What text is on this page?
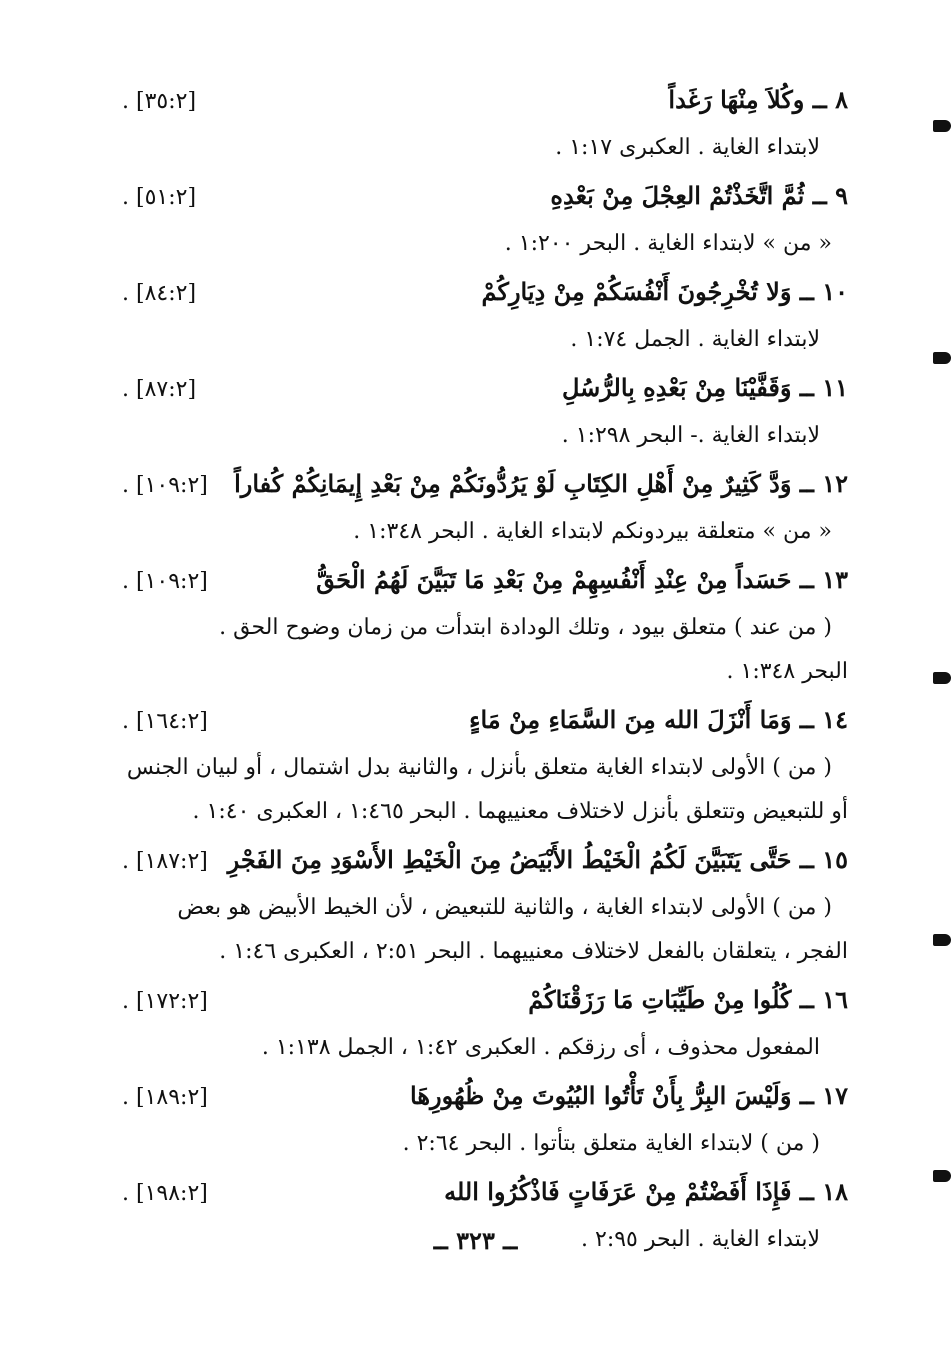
٨ ــ وكُلاَ مِنْهَا رَغَداً
. [٣٥:٢]
لابتداء الغاية . العكبرى ١:١٧ .
٩ ــ ثُمَّ اتَّخَذْتُمْ العِجْلَ مِنْ بَعْدِهِ
. [٥١:٢]
« من » لابتداء الغاية . البحر ١:٢٠٠ .
١٠ ــ وَلا تُخْرِجُونَ أَنْفُسَكُمْ مِنْ دِيَارِكُمْ
. [٨٤:٢]
لابتداء الغاية . الجمل ١:٧٤ .
١١ ــ وَقَفَّيْنَا مِنْ بَعْدِهِ بِالرُّسُلِ
. [٨٧:٢]
لابتداء الغاية .- البحر ١:٢٩٨ .
١٢ ــ وَدَّ كَثِيرٌ مِنْ أَهْلِ الكِتَابِ لَوْ يَرُدُّونَكُمْ مِنْ بَعْدِ إِيمَانِكُمْ كُفاراً
. [١٠٩:٢]
« من » متعلقة بيردونكم لابتداء الغاية . البحر ١:٣٤٨ .
١٣ ــ حَسَداً مِنْ عِنْدِ أَنْفُسِهِمْ مِنْ بَعْدِ مَا تَبَيَّنَ لَهُمُ الْحَقُّ
. [١٠٩:٢]
( من عند ) متعلق بيود ، وتلك الودادة ابتدأت من زمان وضوح الحق .
البحر ١:٣٤٨ .
١٤ ــ وَمَا أَنْزَلَ الله مِنَ السَّمَاءِ مِنْ مَاءٍ
. [١٦٤:٢]
( من ) الأولى لابتداء الغاية متعلق بأنزل ، والثانية بدل اشتمال ، أو لبيان الجنس
أو للتبعيض وتتعلق بأنزل لاختلاف معنييهما . البحر ١:٤٦٥ ، العكبرى ١:٤٠ .
١٥ ــ حَتَّى يَتَبَيَّنَ لَكُمُ الْخَيْطُ الأَبْيَضُ مِنَ الْخَيْطِ الأَسْوَدِ مِنَ الفَجْرِ
. [١٨٧:٢]
( من ) الأولى لابتداء الغاية ، والثانية للتبعيض ، لأن الخيط الأبيض هو بعض
الفجر ، يتعلقان بالفعل لاختلاف معنييهما . البحر ٢:٥١ ، العكبرى ١:٤٦ .
١٦ ــ كُلُوا مِنْ طَيِّبَاتِ مَا رَزَقْنَاكُمْ
. [١٧٢:٢]
المفعول محذوف ، أى رزقكم . العكبرى ١:٤٢ ، الجمل ١:١٣٨ .
١٧ ــ وَلَيْسَ البِرُّ بِأَنْ تَأْتُوا البُيُوتَ مِنْ ظُهُورِهَا
. [١٨٩:٢]
( من ) لابتداء الغاية متعلق بتأتوا . البحر ٢:٦٤ .
١٨ ــ فَإِذَا أَفَضْتُمْ مِنْ عَرَفَاتٍ فَاذْكُرُوا الله
. [١٩٨:٢]
لابتداء الغاية . البحر ٢:٩٥ .
ــ ٣٢٣ ــ
